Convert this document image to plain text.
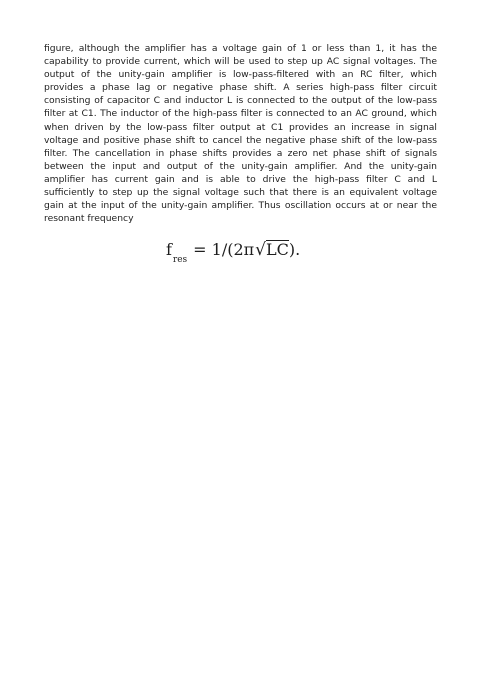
figure, although the amplifier has a voltage gain of 1 or less than 1, it has the
capability to provide current, which will be used to step up AC signal voltages. The
output of the unity-gain amplifier is low-pass-filtered with an RC filter, which
provides a phase lag or negative phase shift. A series high-pass filter circuit
consisting of capacitor C and inductor L is connected to the output of the low-pass
filter at C1. The inductor of the high-pass filter is connected to an AC ground, which
when driven by the low-pass filter output at C1 provides an increase in signal
voltage and positive phase shift to cancel the negative phase shift of the low-pass
filter. The cancellation in phase shifts provides a zero net phase shift of signals
between the input and output of the unity-gain amplifier. And the unity-gain
amplifier has current gain and is able to drive the high-pass filter C and L
sufficiently to step up the signal voltage such that there is an equivalent voltage
gain at the input of the unity-gain amplifier. Thus oscillation occurs at or near the
resonant frequency

f
res
= 1/(2π √ LC ).
